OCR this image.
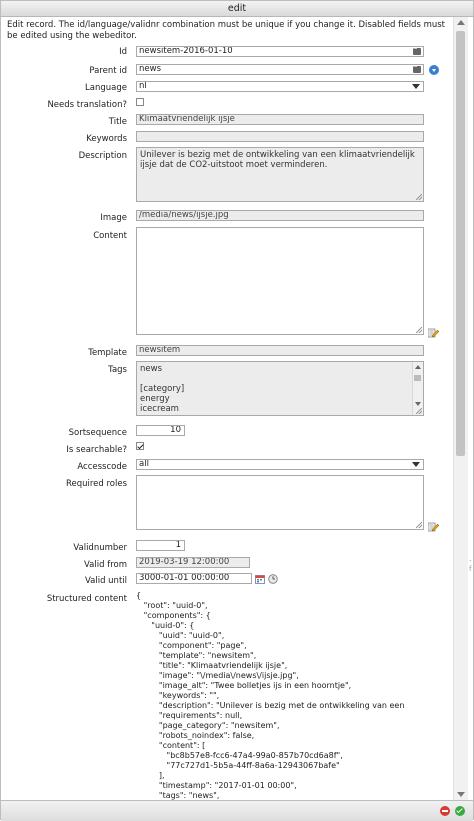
edit
Edit record. The id/language/validnr combination must be unique if you change it. Disabled fields must be edited using the webeditor.
Id	newsitem-2016-01-10
···
Parent id	news
···
Language	nl
Needs translation?
Title	Klimaatvriendelijk ijsje
Keywords
Description	Unilever is bezig met de ontwikkeling van een klimaatvriendelijk ijsje dat de CO2-uitstoot moet verminderen.
Image	/media/news/ijsje.jpg
Content
Template	newsitem
Tags news
[category]
energy
icecream
Sortsequence	10
Is searchable?
Accesscode	all
Required roles
Validnumber	1
Valid from	2019-03-19 12:00:00
Valid until	3000-01-01 00:00:00
Structured content {
"root": "uuid-0",
"components": {
"uuid-0": {
"uuid": "uuid-0",
"component": "page",
"template": "newsitem",
"title": "Klimaatvriendelijk ijsje",
"image": "\/media\/news\/ijsje.jpg",
"image_alt": "Twee bolletjes ijs in een hoorntje",
"keywords": "",
"description": "Unilever is bezig met de ontwikkeling van een
"requirements": null,
"page_category": "newsitem",
"robots_noindex": false,
"content": [
"bc8b57e8-fcc6-47a4-99a0-857b70cd6a8f",
"77c727d1-5b5a-44ff-8a6a-12943067bafe"
],
"timestamp": "2017-01-01 00:00",
"tags": "news",
-f
